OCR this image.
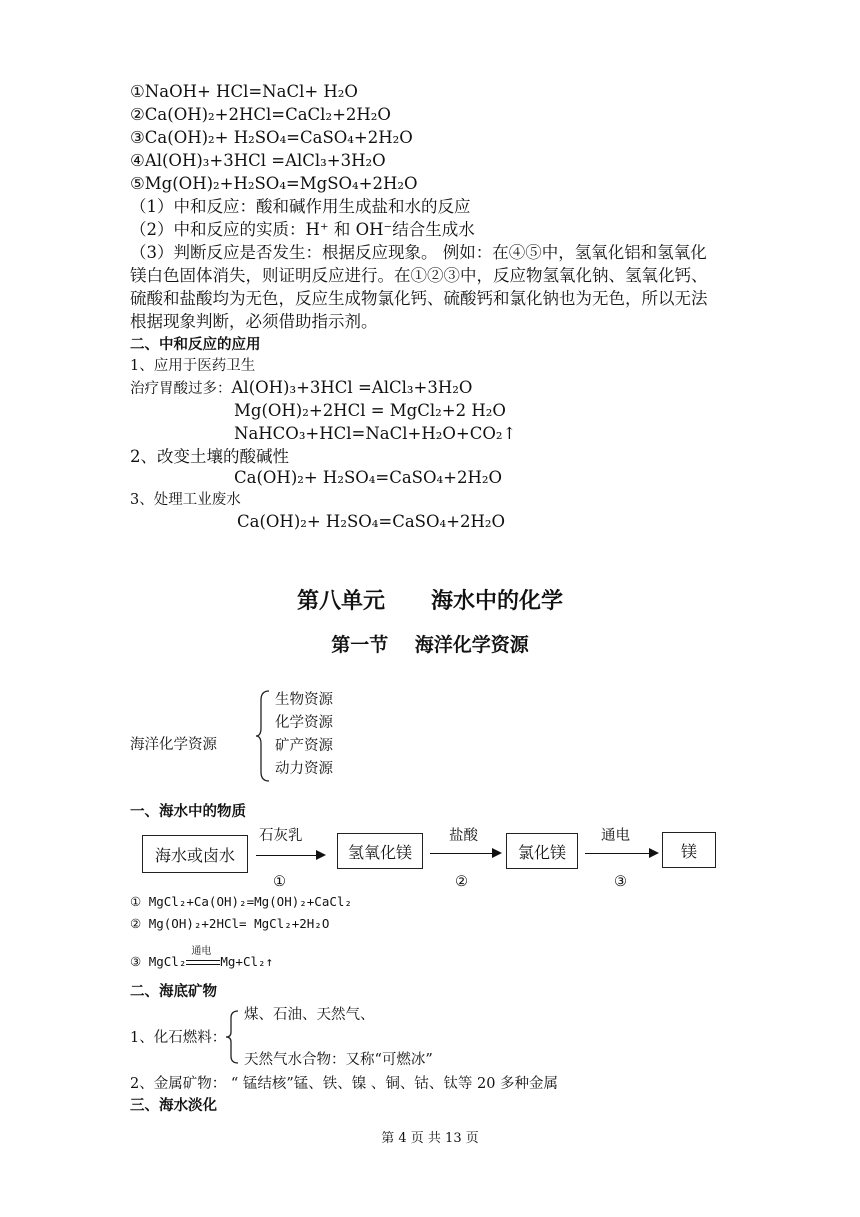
①NaOH+ HCl=NaCl+ H₂O
②Ca(OH)₂+2HCl=CaCl₂+2H₂O
③Ca(OH)₂+ H₂SO₄=CaSO₄+2H₂O
④Al(OH)₃+3HCl =AlCl₃+3H₂O
⑤Mg(OH)₂+H₂SO₄=MgSO₄+2H₂O
（1）中和反应：酸和碱作用生成盐和水的反应
（2）中和反应的实质：H⁺ 和 OH⁻结合生成水
（3）判断反应是否发生：根据反应现象。 例如：在④⑤中，氢氧化铝和氢氧化
镁白色固体消失，则证明反应进行。在①②③中，反应物氢氧化钠、氢氧化钙、
硫酸和盐酸均为无色，反应生成物氯化钙、硫酸钙和氯化钠也为无色，所以无法
根据现象判断，必须借助指示剂。
二、中和反应的应用
1、应用于医药卫生
治疗胃酸过多：Al(OH)₃+3HCl =AlCl₃+3H₂O
Mg(OH)₂+2HCl = MgCl₂+2 H₂O
NaHCO₃+HCl=NaCl+H₂O+CO₂↑
2、改变土壤的酸碱性
Ca(OH)₂+ H₂SO₄=CaSO₄+2H₂O
3、处理工业废水
Ca(OH)₂+ H₂SO₄=CaSO₄+2H₂O
第八单元      海水中的化学
第一节    海洋化学资源
海洋化学资源
生物资源
化学资源
矿产资源
动力资源
一、海水中的物质
海水或卤水	氢氧化镁	氯化镁	镁
石灰乳
①
盐酸
②
通电
③
① MgCl₂+Ca(OH)₂=Mg(OH)₂+CaCl₂
② Mg(OH)₂+2HCl= MgCl₂+2H₂O
③ MgCl₂
通电
Mg+Cl₂↑
二、海底矿物
1、化石燃料：
煤、石油、天然气、
天然气水合物：又称“可燃冰”
2、金属矿物： “ 锰结核”锰、铁、镍 、铜、钴、钛等 20 多种金属
三、海水淡化
第 4 页 共 13 页
